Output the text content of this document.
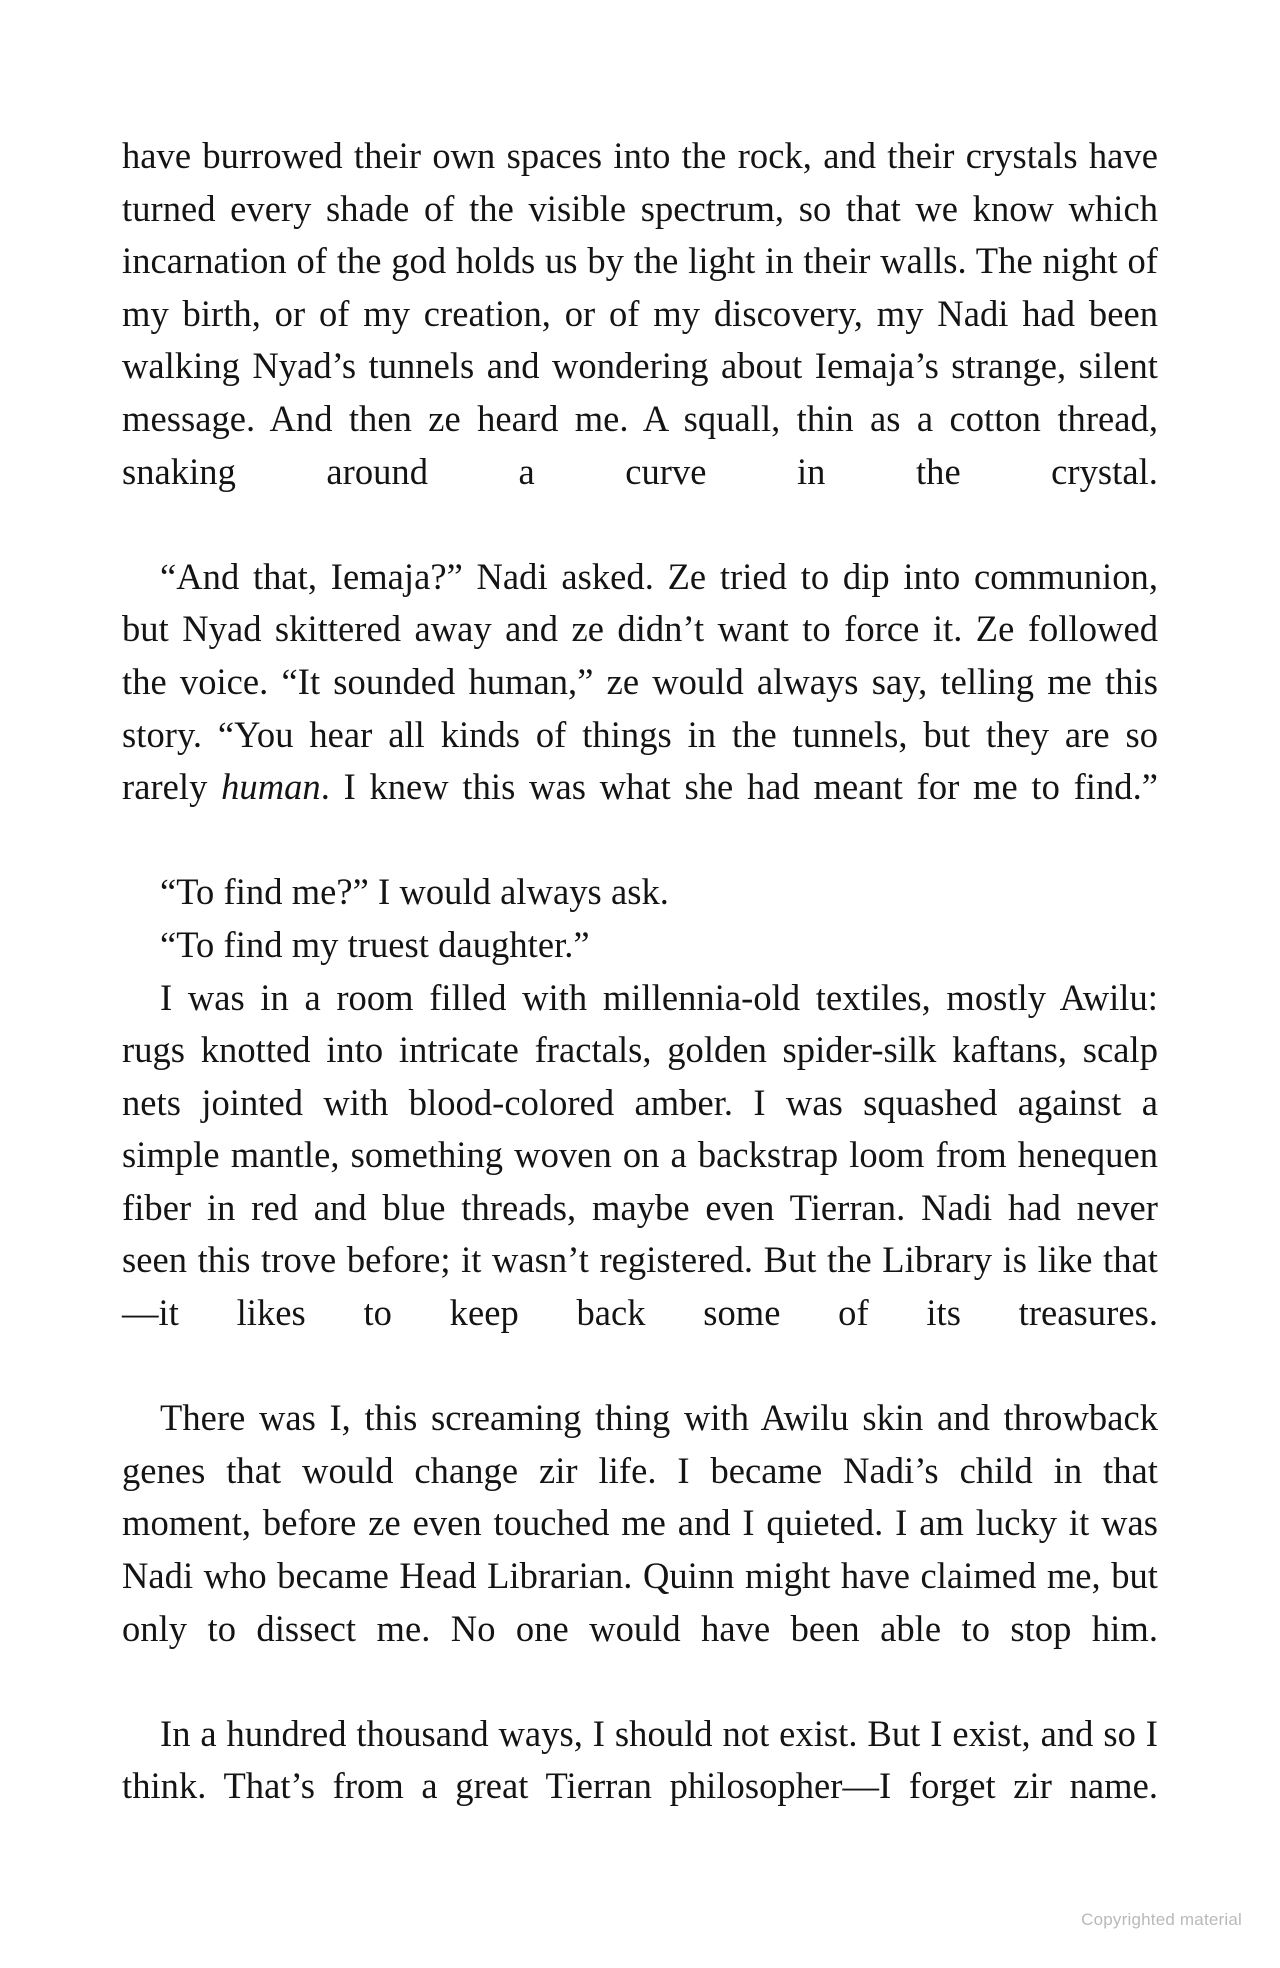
have burrowed their own spaces into the rock, and their crystals have turned every shade of the visible spectrum, so that we know which incarnation of the god holds us by the light in their walls. The night of my birth, or of my creation, or of my discovery, my Nadi had been walking Nyad’s tunnels and wondering about Iemaja’s strange, silent message. And then ze heard me. A squall, thin as a cotton thread, snaking around a curve in the crystal.

“And that, Iemaja?” Nadi asked. Ze tried to dip into communion, but Nyad skittered away and ze didn’t want to force it. Ze followed the voice. “It sounded human,” ze would always say, telling me this story. “You hear all kinds of things in the tunnels, but they are so rarely human. I knew this was what she had meant for me to find.”

“To find me?” I would always ask.

“To find my truest daughter.”

I was in a room filled with millennia-old textiles, mostly Awilu: rugs knotted into intricate fractals, golden spider-silk kaftans, scalp nets jointed with blood-colored amber. I was squashed against a simple mantle, something woven on a backstrap loom from henequen fiber in red and blue threads, maybe even Tierran. Nadi had never seen this trove before; it wasn’t registered. But the Library is like that—it likes to keep back some of its treasures.

There was I, this screaming thing with Awilu skin and throwback genes that would change zir life. I became Nadi’s child in that moment, before ze even touched me and I quieted. I am lucky it was Nadi who became Head Librarian. Quinn might have claimed me, but only to dissect me. No one would have been able to stop him.

In a hundred thousand ways, I should not exist. But I exist, and so I think. That’s from a great Tierran philosopher—I forget zir name.

Copyrighted material
